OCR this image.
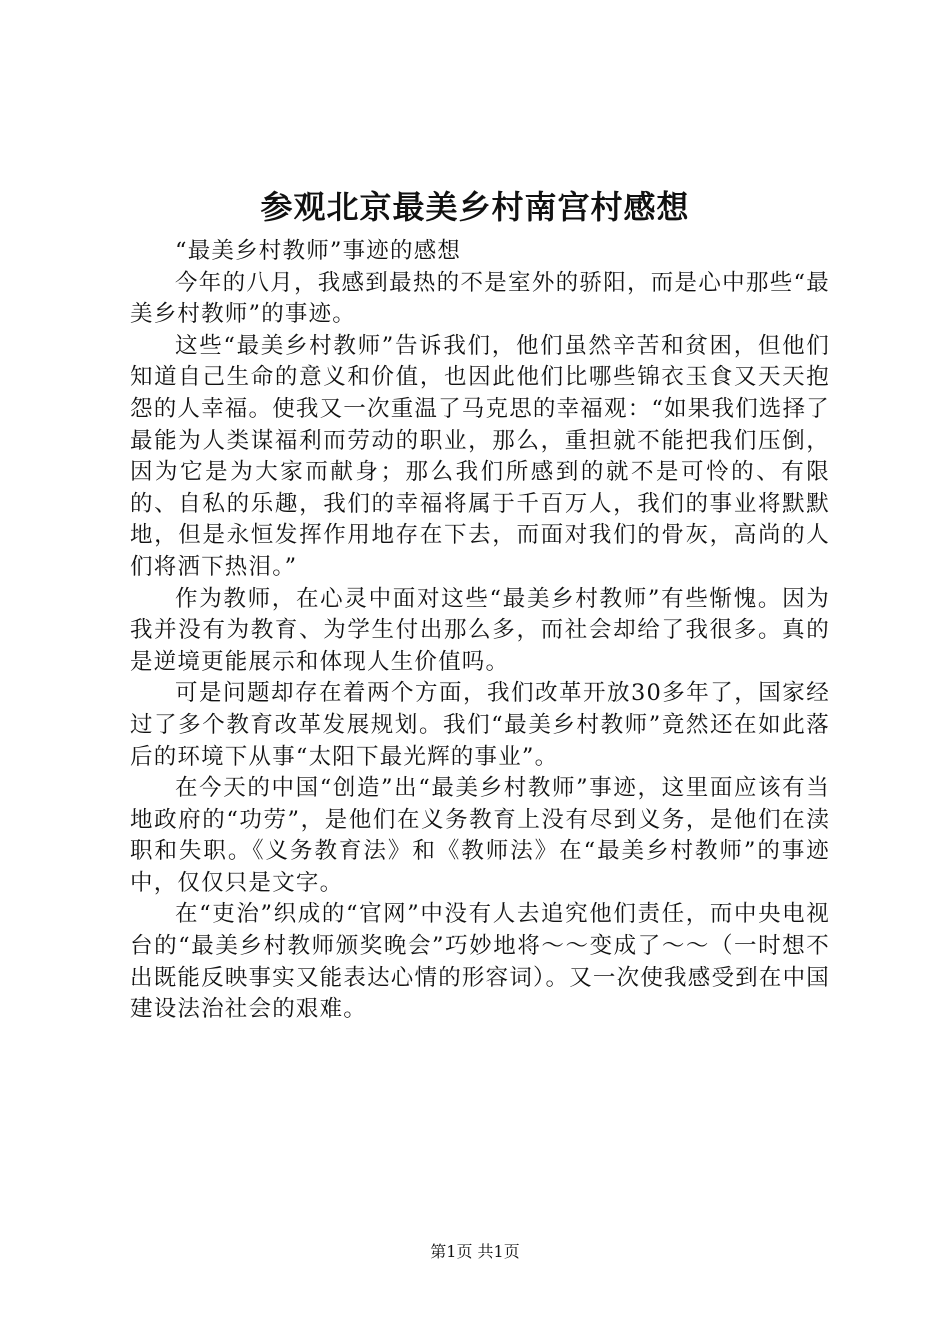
参观北京最美乡村南宫村感想

“最美乡村教师”事迹的感想

今年的八月，我感到最热的不是室外的骄阳，而是心中那些“最美乡村教师”的事迹。

这些“最美乡村教师”告诉我们，他们虽然辛苦和贫困，但他们知道自己生命的意义和价值，也因此他们比哪些锦衣玉食又天天抱怨的人幸福。使我又一次重温了马克思的幸福观：“如果我们选择了最能为人类谋福利而劳动的职业，那么，重担就不能把我们压倒，因为它是为大家而献身；那么我们所感到的就不是可怜的、有限的、自私的乐趣，我们的幸福将属于千百万人，我们的事业将默默地，但是永恒发挥作用地存在下去，而面对我们的骨灰，高尚的人们将洒下热泪。”

作为教师，在心灵中面对这些“最美乡村教师”有些惭愧。因为我并没有为教育、为学生付出那么多，而社会却给了我很多。真的是逆境更能展示和体现人生价值吗。

可是问题却存在着两个方面，我们改革开放30多年了，国家经过了多个教育改革发展规划。我们“最美乡村教师”竟然还在如此落后的环境下从事“太阳下最光辉的事业”。

在今天的中国“创造”出“最美乡村教师”事迹，这里面应该有当地政府的“功劳”，是他们在义务教育上没有尽到义务，是他们在渎职和失职。《义务教育法》和《教师法》在“最美乡村教师”的事迹中，仅仅只是文字。

在“吏治”织成的“官网”中没有人去追究他们责任，而中央电视台的“最美乡村教师颁奖晚会”巧妙地将～～变成了～～（一时想不出既能反映事实又能表达心情的形容词）。又一次使我感受到在中国建设法治社会的艰难。

第1页 共1页
